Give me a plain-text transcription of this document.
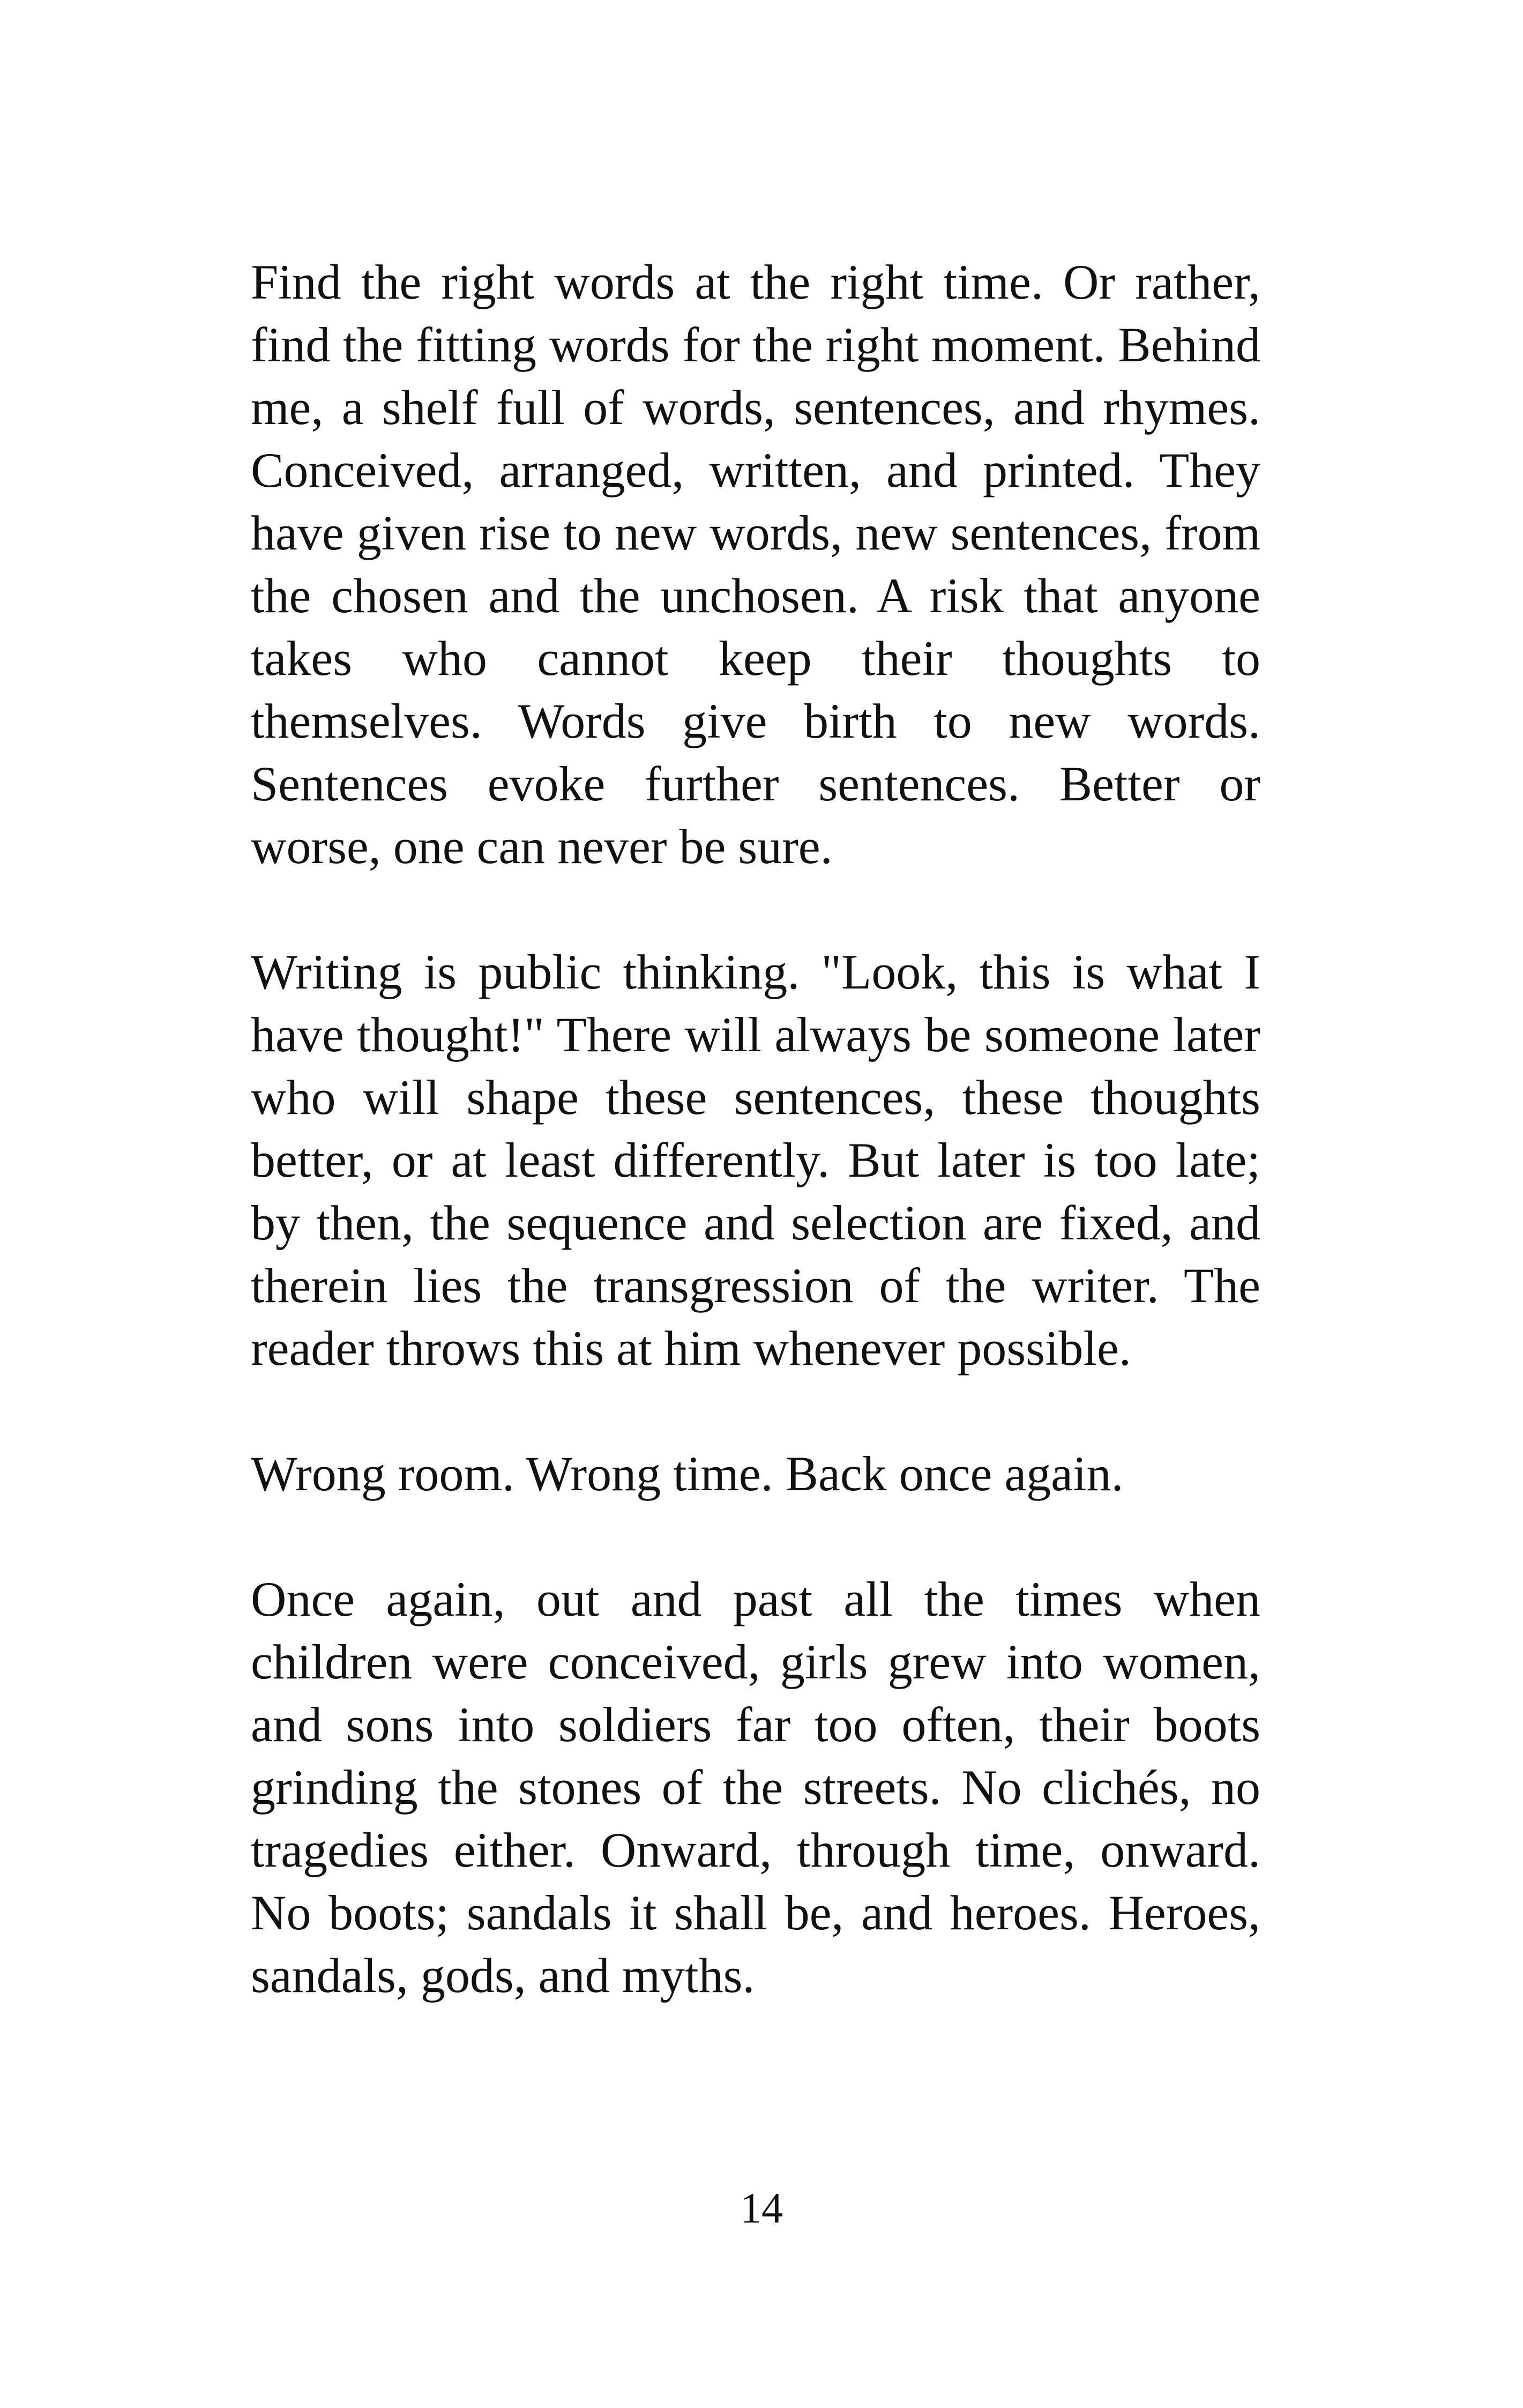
Find the right words at the right time. Or rather, find the fitting words for the right moment. Behind me, a shelf full of words, sentences, and rhymes. Conceived, arranged, written, and printed. They have given rise to new words, new sentences, from the chosen and the unchosen. A risk that anyone takes who cannot keep their thoughts to themselves. Words give birth to new words. Sentences evoke further sentences. Better or worse, one can never be sure.

Writing is public thinking. "Look, this is what I have thought!" There will always be someone later who will shape these sentences, these thoughts better, or at least differently. But later is too late; by then, the sequence and selection are fixed, and therein lies the transgression of the writer. The reader throws this at him whenever possible.

Wrong room. Wrong time. Back once again.

Once again, out and past all the times when children were conceived, girls grew into women, and sons into soldiers far too often, their boots grinding the stones of the streets. No clichés, no tragedies either. Onward, through time, onward. No boots; sandals it shall be, and heroes. Heroes, sandals, gods, and myths.

14
